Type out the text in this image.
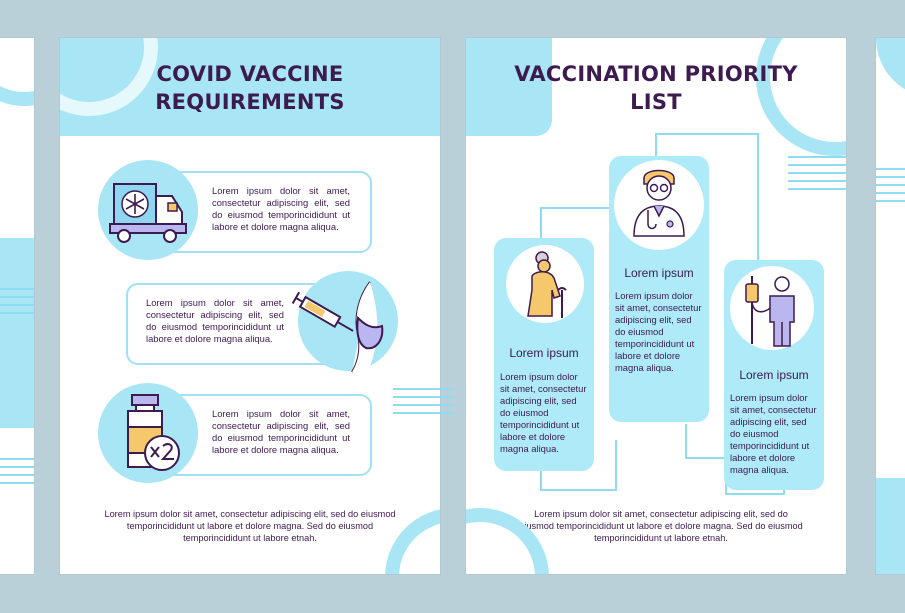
COVID VACCINE REQUIREMENTS

Lorem ipsum dolor sit amet, consectetur adipiscing elit, sed do eiusmod temporincididunt ut labore et dolore magna aliqua.

Lorem ipsum dolor sit amet, consectetur adipiscing elit, sed do eiusmod temporincididunt ut labore et dolore magna aliqua.

Lorem ipsum dolor sit amet, consectetur adipiscing elit, sed do eiusmod temporincididunt ut labore et dolore magna aliqua.

Lorem ipsum dolor sit amet, consectetur adipiscing elit, sed do eiusmod temporincididunt ut labore et dolore magna. Sed do eiusmod temporincididunt ut labore etnah.

VACCINATION PRIORITY LIST

Lorem ipsum

Lorem ipsum dolor sit amet, consectetur adipiscing elit, sed do eiusmod temporincididunt ut labore et dolore magna aliqua.

Lorem ipsum

Lorem ipsum dolor sit amet, consectetur adipiscing elit, sed do eiusmod temporincididunt ut labore et dolore magna aliqua.

Lorem ipsum

Lorem ipsum dolor sit amet, consectetur adipiscing elit, sed do eiusmod temporincididunt ut labore et dolore magna aliqua.

Lorem ipsum dolor sit amet, consectetur adipiscing elit, sed do eiusmod temporincididunt ut labore et dolore magna. Sed do eiusmod temporincididunt ut labore etnah.
